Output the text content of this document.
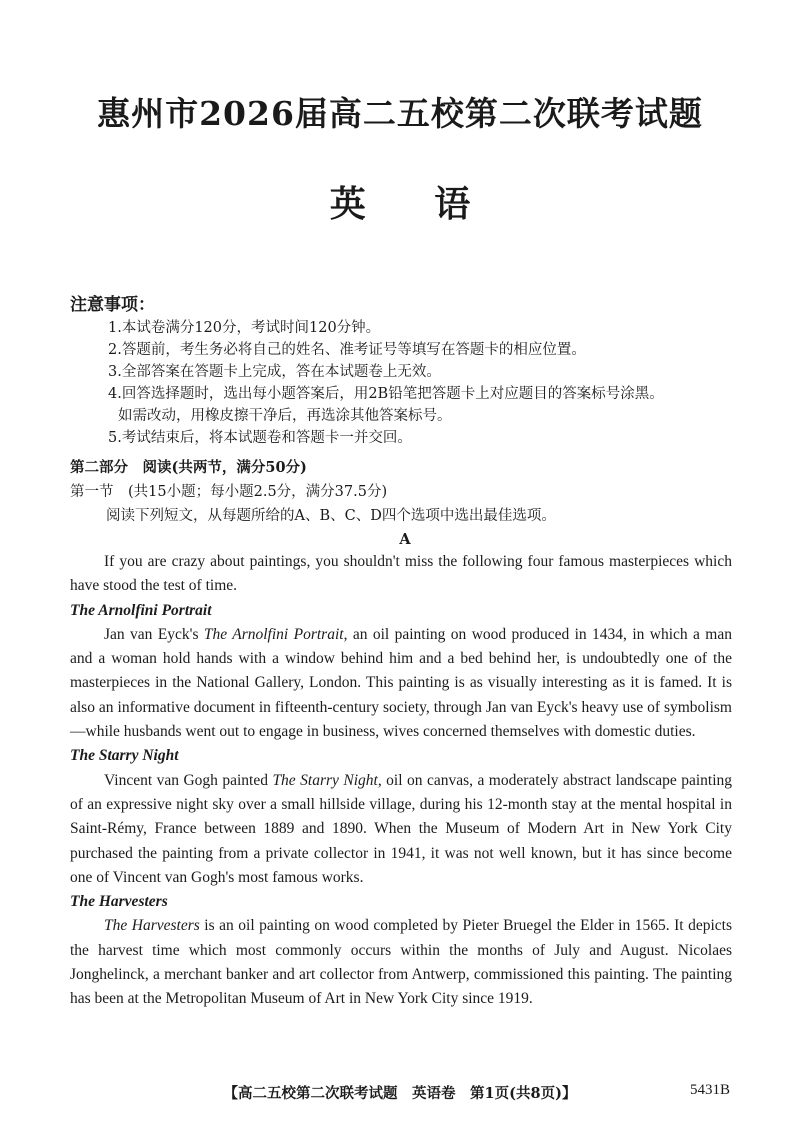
惠州市2026届高二五校第二次联考试题
英 语
注意事项：
1.本试卷满分120分，考试时间120分钟。
2.答题前，考生务必将自己的姓名、准考证号等填写在答题卡的相应位置。
3.全部答案在答题卡上完成，答在本试题卷上无效。
4.回答选择题时，选出每小题答案后，用2B铅笔把答题卡上对应题目的答案标号涂黑。
如需改动，用橡皮擦干净后，再选涂其他答案标号。
5.考试结束后，将本试题卷和答题卡一并交回。
第二部分　阅读(共两节，满分50分)
第一节　(共15小题；每小题2.5分，满分37.5分)
阅读下列短文，从每题所给的A、B、C、D四个选项中选出最佳选项。
A

If you are crazy about paintings, you shouldn't miss the following four famous masterpieces which have stood the test of time.

The Arnolfini Portrait

Jan van Eyck's The Arnolfini Portrait, an oil painting on wood produced in 1434, in which a man and a woman hold hands with a window behind him and a bed behind her, is undoubtedly one of the masterpieces in the National Gallery, London. This painting is as visually interesting as it is famed. It is also an informative document in fifteenth-century society, through Jan van Eyck's heavy use of symbolism—while husbands went out to engage in business, wives concerned themselves with domestic duties.

The Starry Night

Vincent van Gogh painted The Starry Night, oil on canvas, a moderately abstract landscape painting of an expressive night sky over a small hillside village, during his 12-month stay at the mental hospital in Saint-Rémy, France between 1889 and 1890. When the Museum of Modern Art in New York City purchased the painting from a private collector in 1941, it was not well known, but it has since become one of Vincent van Gogh's most famous works.

The Harvesters

The Harvesters is an oil painting on wood completed by Pieter Bruegel the Elder in 1565. It depicts the harvest time which most commonly occurs within the months of July and August. Nicolaes Jonghelinck, a merchant banker and art collector from Antwerp, commissioned this painting. The painting has been at the Metropolitan Museum of Art in New York City since 1919.

【高二五校第二次联考试题　英语卷　第1页(共8页)】	5431B
